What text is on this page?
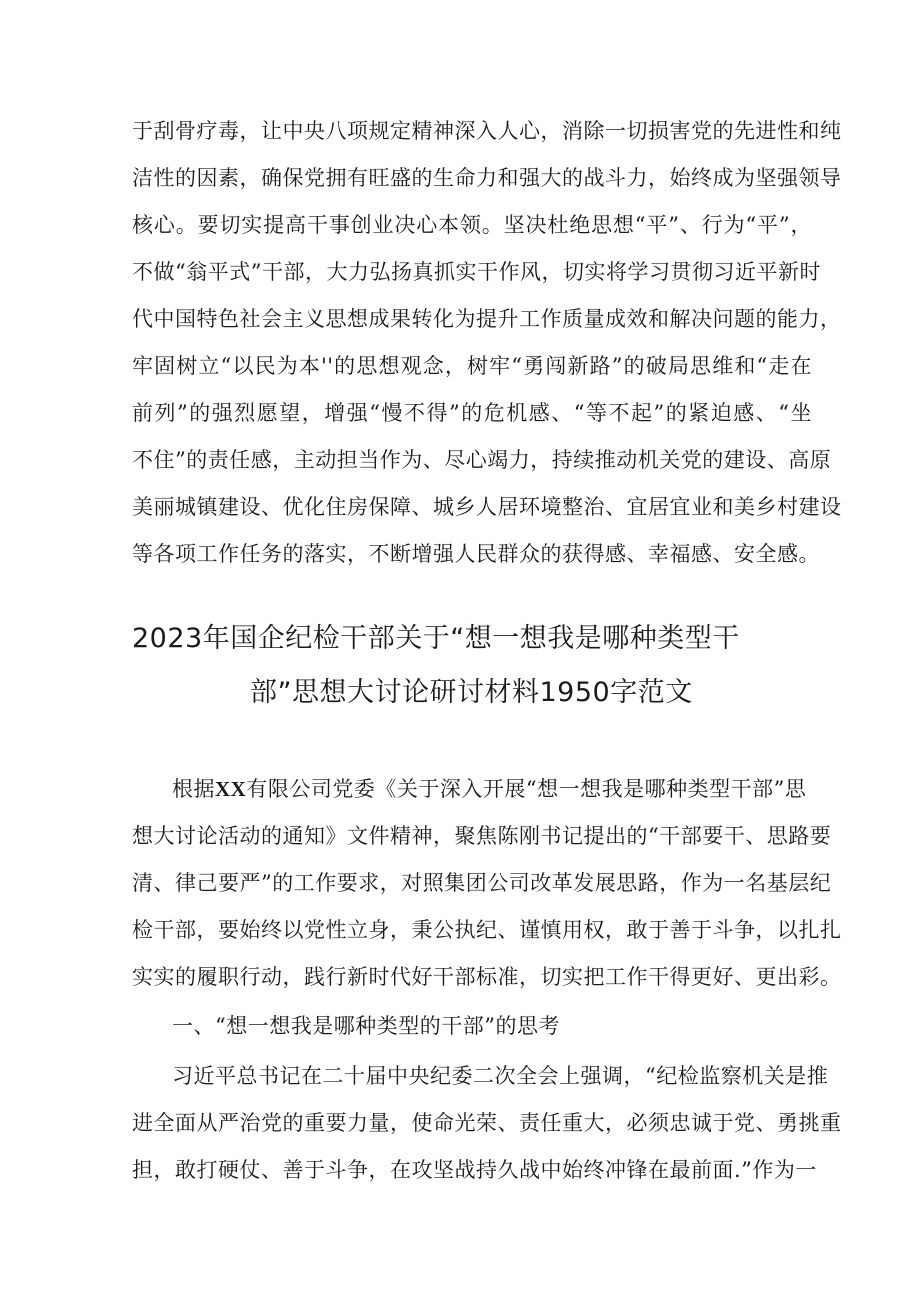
于刮骨疗毒，让中央八项规定精神深入人心，消除一切损害党的先进性和纯

洁性的因素，确保党拥有旺盛的生命力和强大的战斗力，始终成为坚强领导

核心。要切实提高干事创业决心本领。坚决杜绝思想“平”、行为“平”，

不做“翁平式”干部，大力弘扬真抓实干作风，切实将学习贯彻习近平新时

代中国特色社会主义思想成果转化为提升工作质量成效和解决问题的能力，

牢固树立“以民为本''的思想观念，树牢“勇闯新路”的破局思维和“走在

前列”的强烈愿望，增强“慢不得”的危机感、“等不起”的紧迫感、“坐

不住”的责任感，主动担当作为、尽心竭力，持续推动机关党的建设、高原

美丽城镇建设、优化住房保障、城乡人居环境整治、宜居宜业和美乡村建设

等各项工作任务的落实，不断增强人民群众的获得感、幸福感、安全感。

2023年国企纪检干部关于“想一想我是哪种类型干
部”思想大讨论研讨材料1950字范文

根据XX有限公司党委《关于深入开展“想一想我是哪种类型干部”思

想大讨论活动的通知》文件精神，聚焦陈刚书记提出的“干部要干、思路要

清、律己要严”的工作要求，对照集团公司改革发展思路，作为一名基层纪

检干部，要始终以党性立身，秉公执纪、谨慎用权，敢于善于斗争，以扎扎

实实的履职行动，践行新时代好干部标准，切实把工作干得更好、更出彩。

一、“想一想我是哪种类型的干部”的思考

习近平总书记在二十届中央纪委二次全会上强调，“纪检监察机关是推

进全面从严治党的重要力量，使命光荣、责任重大，必须忠诚于党、勇挑重

担，敢打硬仗、善于斗争，在攻坚战持久战中始终冲锋在最前面.”作为一
